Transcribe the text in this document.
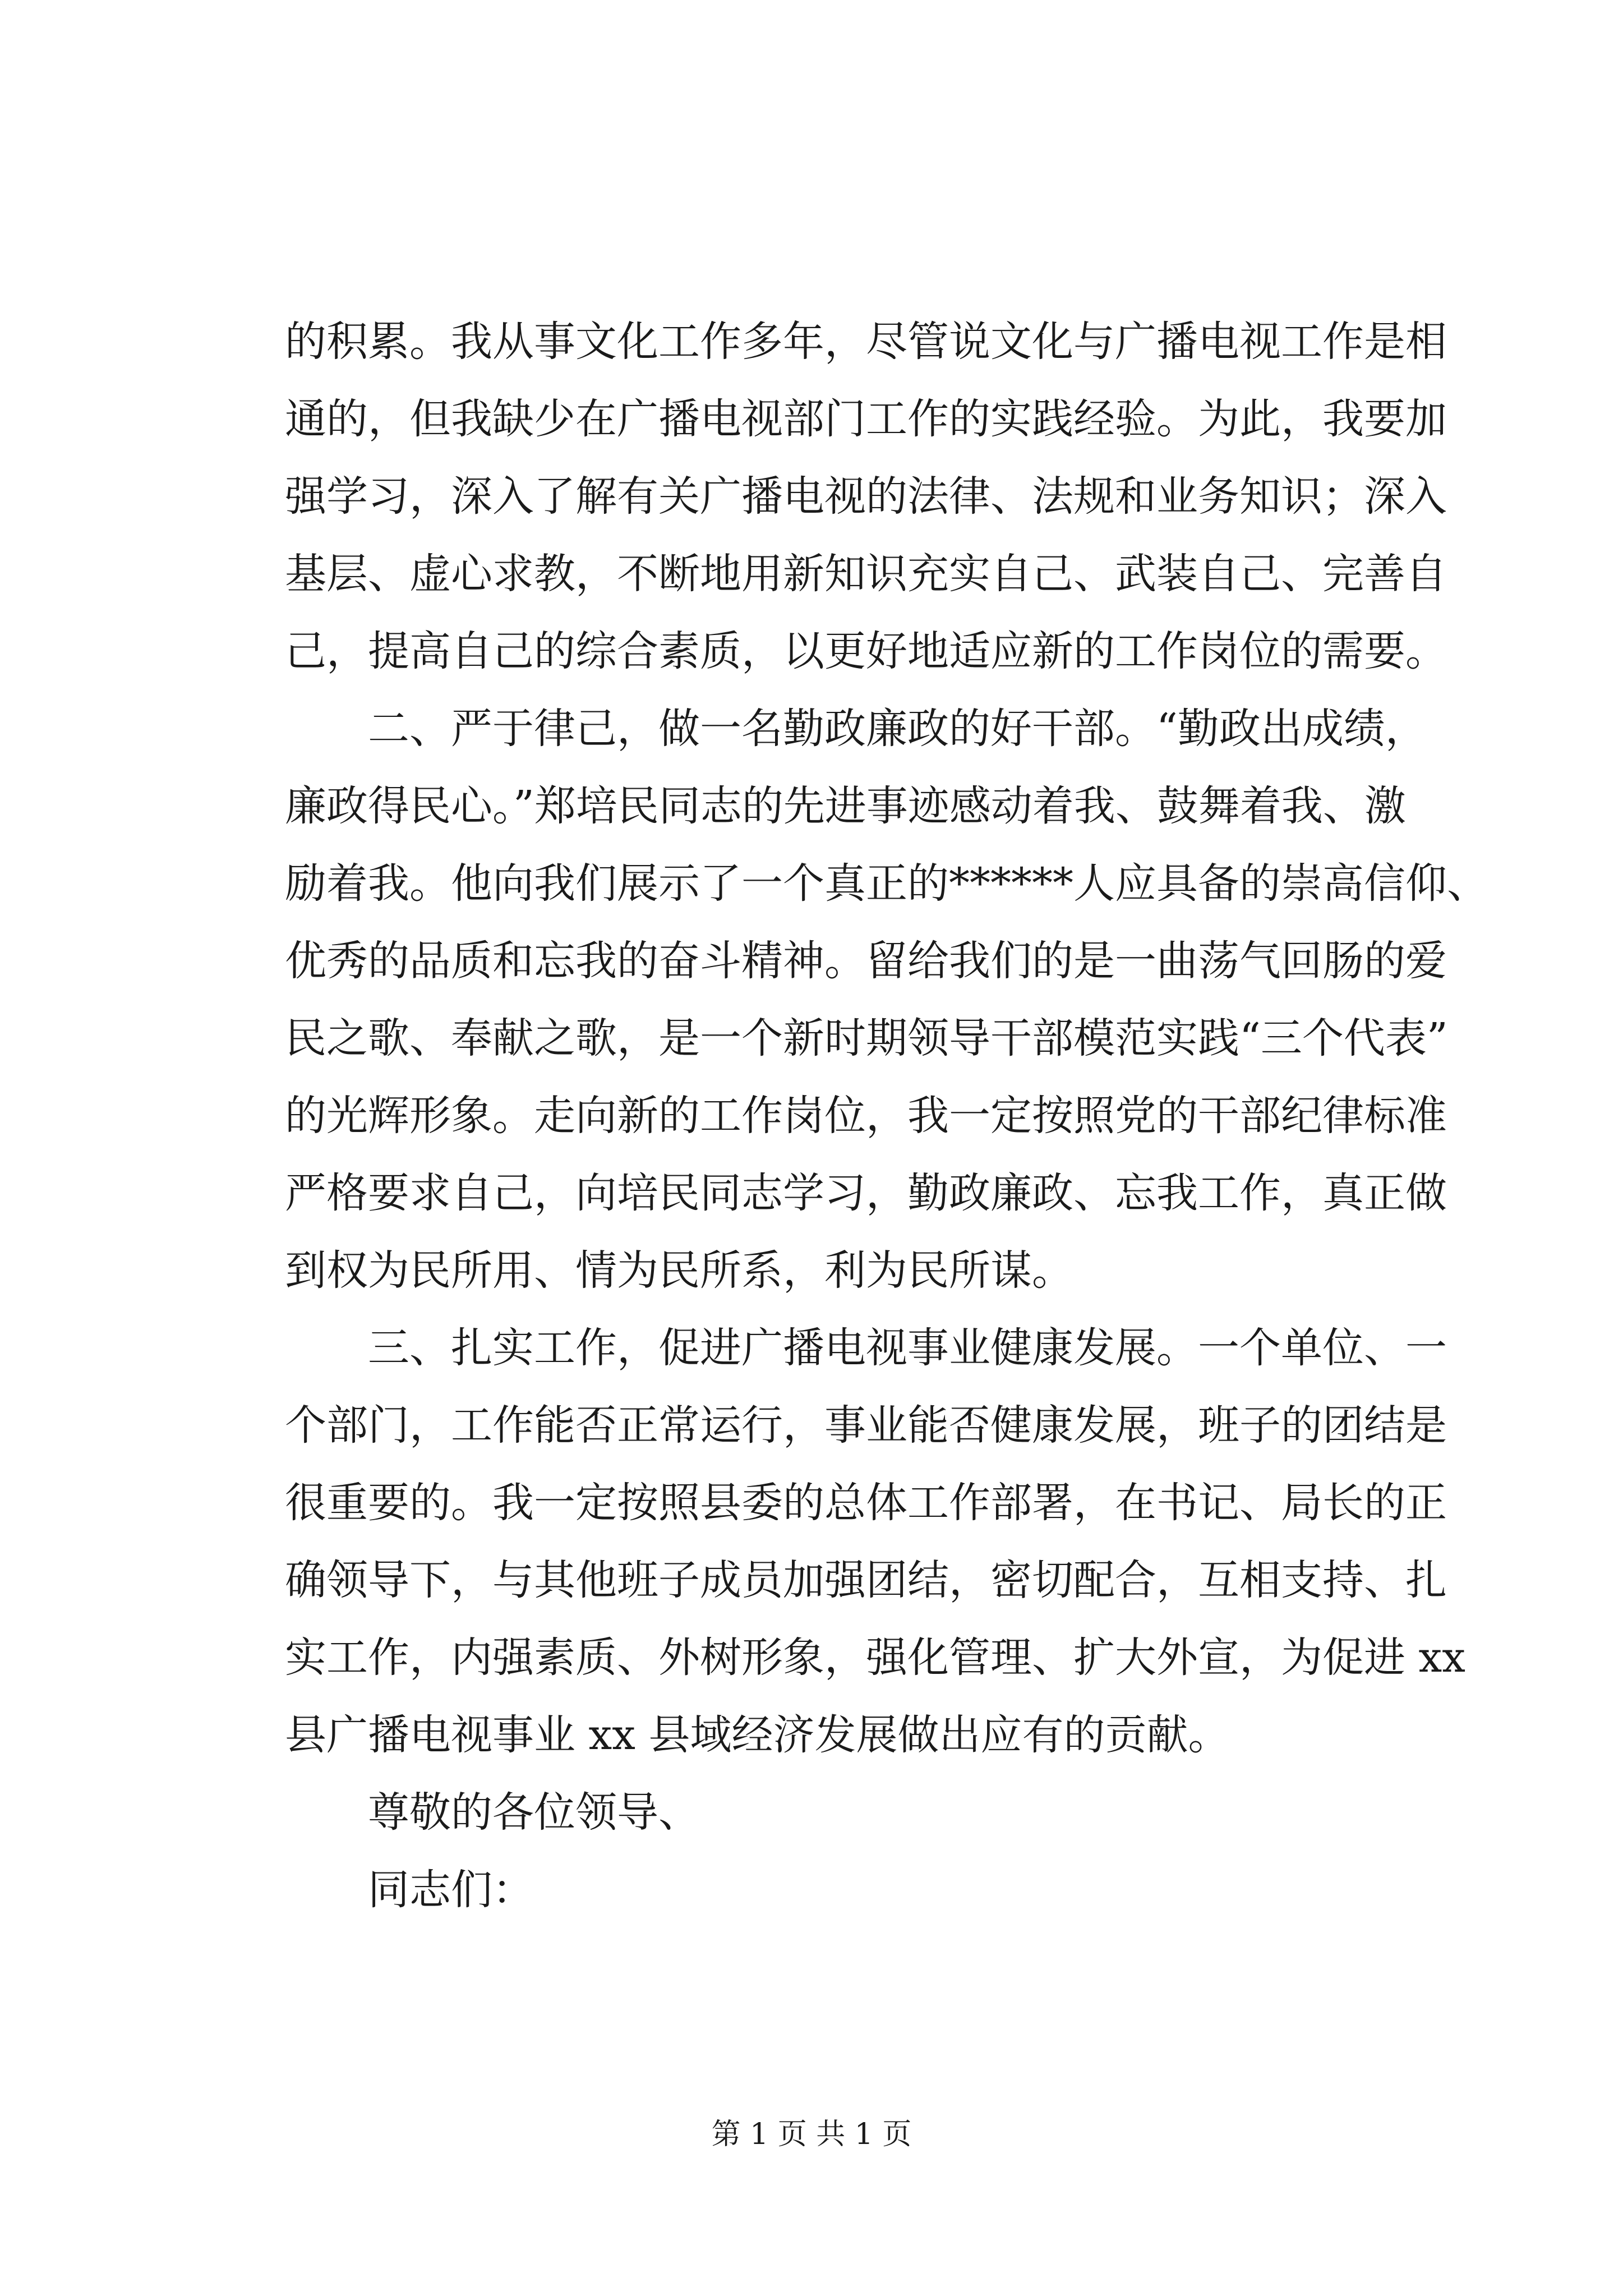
的积累。我从事文化工作多年，尽管说文化与广播电视工作是相
通的，但我缺少在广播电视部门工作的实践经验。为此，我要加
强学习，深入了解有关广播电视的法律、法规和业务知识；深入
基层、虚心求教，不断地用新知识充实自己、武装自己、完善自
己，提高自己的综合素质，以更好地适应新的工作岗位的需要。
二、严于律己，做一名勤政廉政的好干部。“勤政出成绩，
廉政得民心。”郑培民同志的先进事迹感动着我、鼓舞着我、激
励着我。他向我们展示了一个真正的******人应具备的崇高信仰、
优秀的品质和忘我的奋斗精神。留给我们的是一曲荡气回肠的爱
民之歌、奉献之歌，是一个新时期领导干部模范实践“三个代表”
的光辉形象。走向新的工作岗位，我一定按照党的干部纪律标准
严格要求自己，向培民同志学习，勤政廉政、忘我工作，真正做
到权为民所用、情为民所系，利为民所谋。
三、扎实工作，促进广播电视事业健康发展。一个单位、一
个部门，工作能否正常运行，事业能否健康发展，班子的团结是
很重要的。我一定按照县委的总体工作部署，在书记、局长的正
确领导下，与其他班子成员加强团结，密切配合，互相支持、扎
实工作，内强素质、外树形象，强化管理、扩大外宣，为促进 xx
县广播电视事业 xx 县域经济发展做出应有的贡献。
尊敬的各位领导、
同志们：
第 1 页 共 1 页
